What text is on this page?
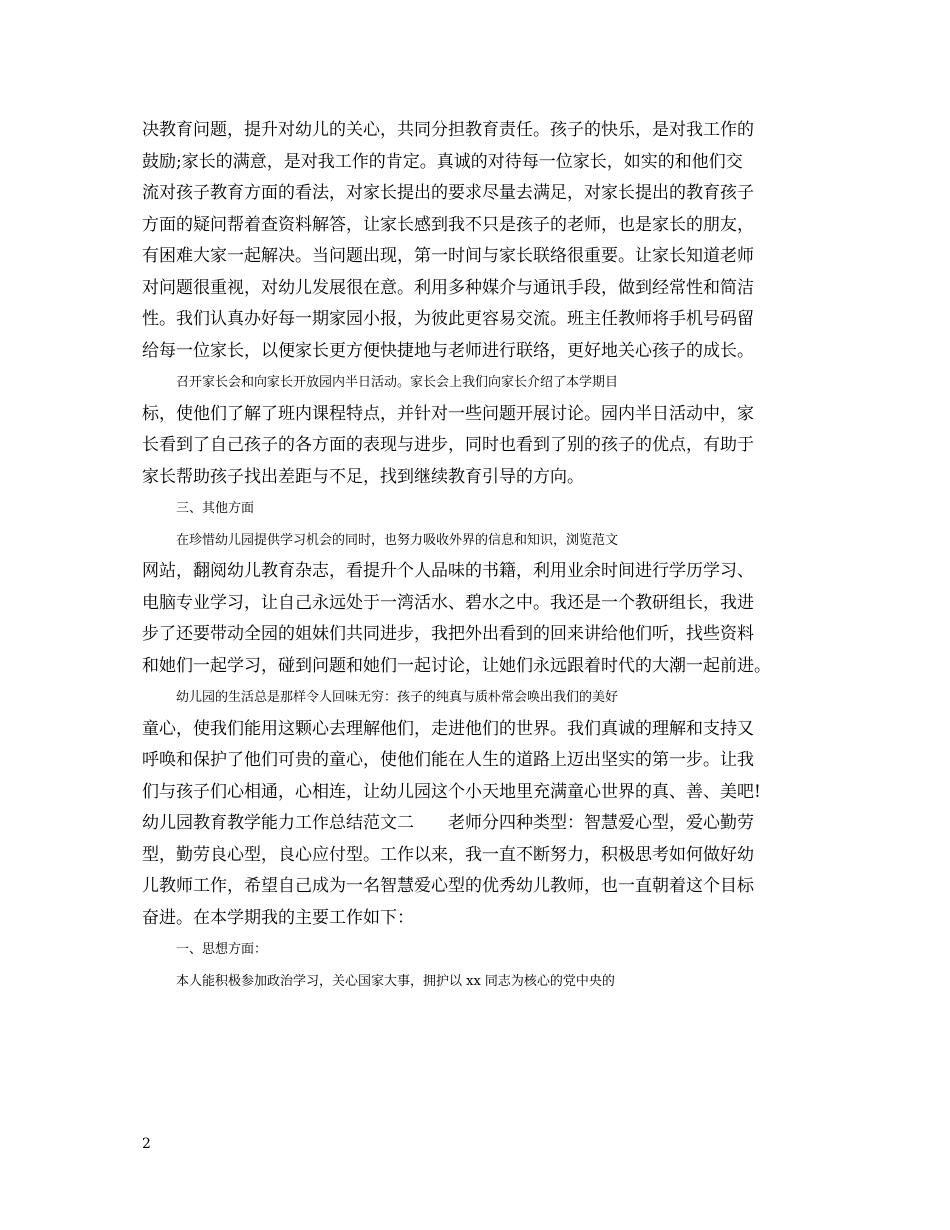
决教育问题，提升对幼儿的关心，共同分担教育责任。孩子的快乐，是对我工作的
鼓励;家长的满意，是对我工作的肯定。真诚的对待每一位家长，如实的和他们交
流对孩子教育方面的看法，对家长提出的要求尽量去满足，对家长提出的教育孩子
方面的疑问帮着查资料解答，让家长感到我不只是孩子的老师，也是家长的朋友，
有困难大家一起解决。当问题出现，第一时间与家长联络很重要。让家长知道老师
对问题很重视，对幼儿发展很在意。利用多种媒介与通讯手段，做到经常性和简洁
性。我们认真办好每一期家园小报，为彼此更容易交流。班主任教师将手机号码留
给每一位家长，以便家长更方便快捷地与老师进行联络，更好地关心孩子的成长。
召开家长会和向家长开放园内半日活动。家长会上我们向家长介绍了本学期目
标，使他们了解了班内课程特点，并针对一些问题开展讨论。园内半日活动中，家
长看到了自己孩子的各方面的表现与进步，同时也看到了别的孩子的优点，有助于
家长帮助孩子找出差距与不足，找到继续教育引导的方向。
三、其他方面
在珍惜幼儿园提供学习机会的同时，也努力吸收外界的信息和知识，浏览范文
网站，翻阅幼儿教育杂志，看提升个人品味的书籍，利用业余时间进行学历学习、
电脑专业学习，让自己永远处于一湾活水、碧水之中。我还是一个教研组长，我进
步了还要带动全园的姐妹们共同进步，我把外出看到的回来讲给他们听，找些资料
和她们一起学习，碰到问题和她们一起讨论，让她们永远跟着时代的大潮一起前进。
幼儿园的生活总是那样令人回味无穷：孩子的纯真与质朴常会唤出我们的美好
童心，使我们能用这颗心去理解他们，走进他们的世界。我们真诚的理解和支持又
呼唤和保护了他们可贵的童心，使他们能在人生的道路上迈出坚实的第一步。让我
们与孩子们心相通，心相连，让幼儿园这个小天地里充满童心世界的真、善、美吧!
幼儿园教育教学能力工作总结范文二　　老师分四种类型：智慧爱心型，爱心勤劳
型，勤劳良心型，良心应付型。工作以来，我一直不断努力，积极思考如何做好幼
儿教师工作，希望自己成为一名智慧爱心型的优秀幼儿教师，也一直朝着这个目标
奋进。在本学期我的主要工作如下：
一、思想方面：
本人能积极参加政治学习，关心国家大事，拥护以 xx 同志为核心的党中央的
2
